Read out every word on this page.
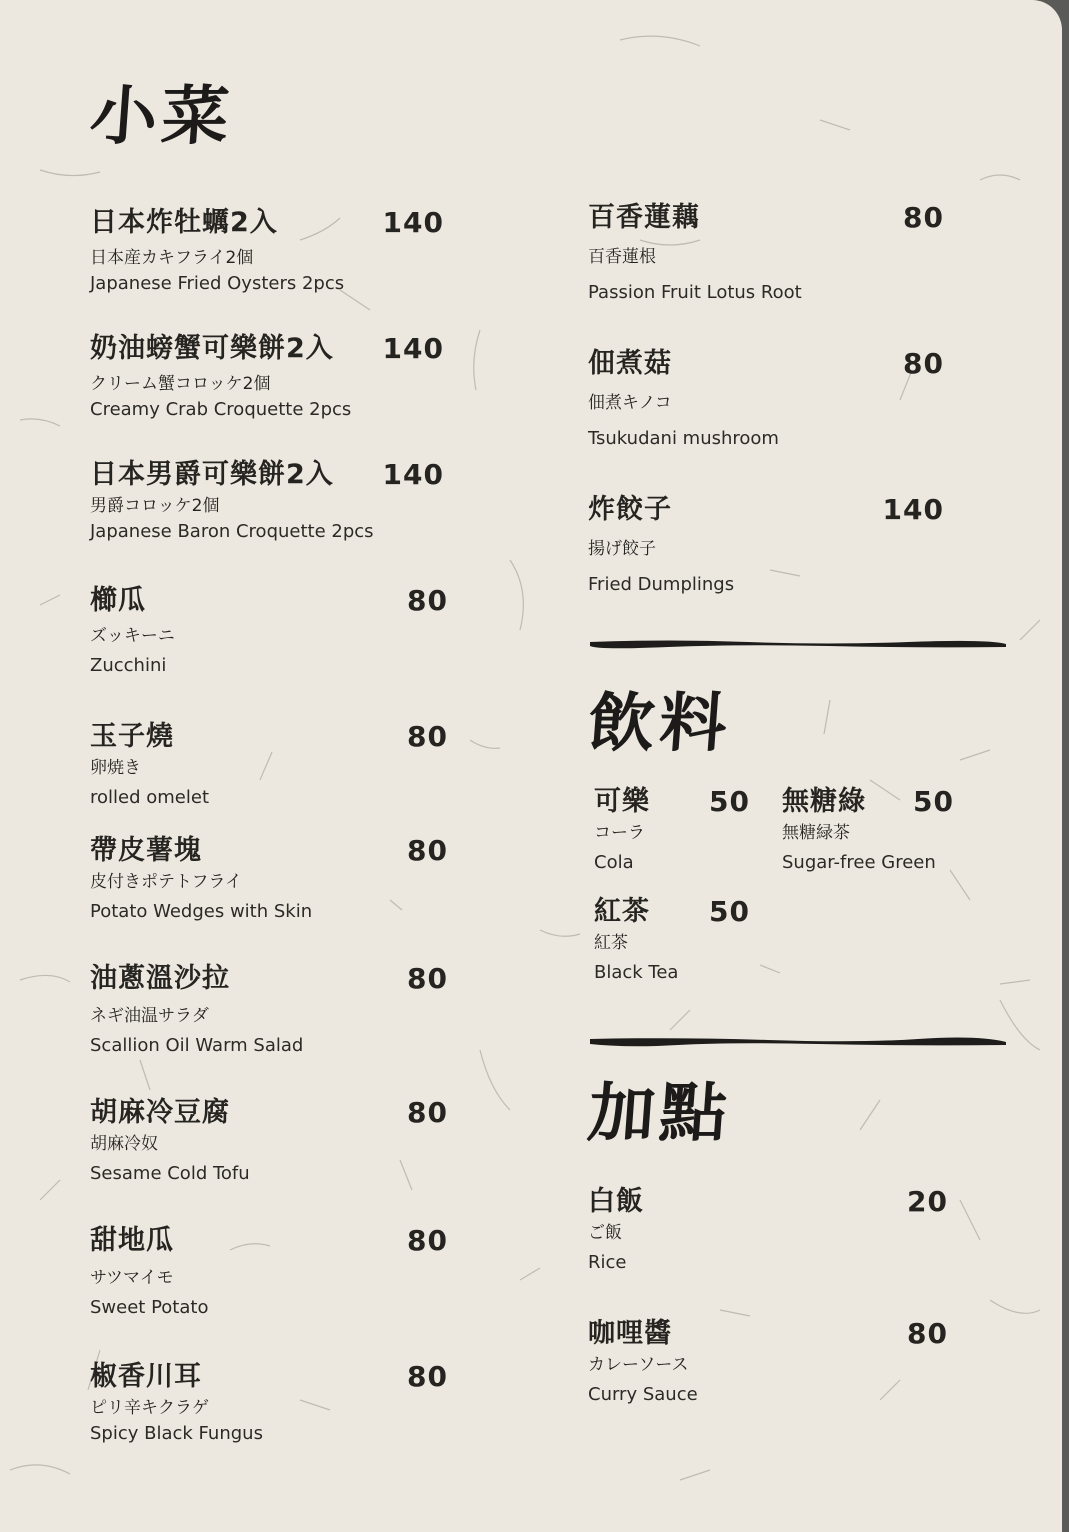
小菜
日本炸牡蠣2入	140
日本産カキフライ2個
Japanese Fried Oysters 2pcs
奶油螃蟹可樂餅2入	140
クリーム蟹コロッケ2個
Creamy Crab Croquette 2pcs
日本男爵可樂餅2入	140
男爵コロッケ2個
Japanese Baron Croquette 2pcs
櫛瓜	80
ズッキーニ
Zucchini
玉子燒	80
卵焼き
rolled omelet
帶皮薯塊	80
皮付きポテトフライ
Potato Wedges with Skin
油蔥溫沙拉	80
ネギ油温サラダ
Scallion Oil Warm Salad
胡麻冷豆腐	80
胡麻冷奴
Sesame Cold Tofu
甜地瓜	80
サツマイモ
Sweet Potato
椒香川耳	80
ピリ辛キクラゲ
Spicy Black Fungus
百香蓮藕	80
百香蓮根
Passion Fruit Lotus Root
佃煮菇	80
佃煮キノコ
Tsukudani mushroom
炸餃子	140
揚げ餃子
Fried Dumplings
飲料
可樂	50
コーラ
Cola
無糖綠	50
無糖緑茶
Sugar-free Green
紅茶	50
紅茶
Black Tea
加點
白飯	20
ご飯
Rice
咖哩醬	80
カレーソース
Curry Sauce
